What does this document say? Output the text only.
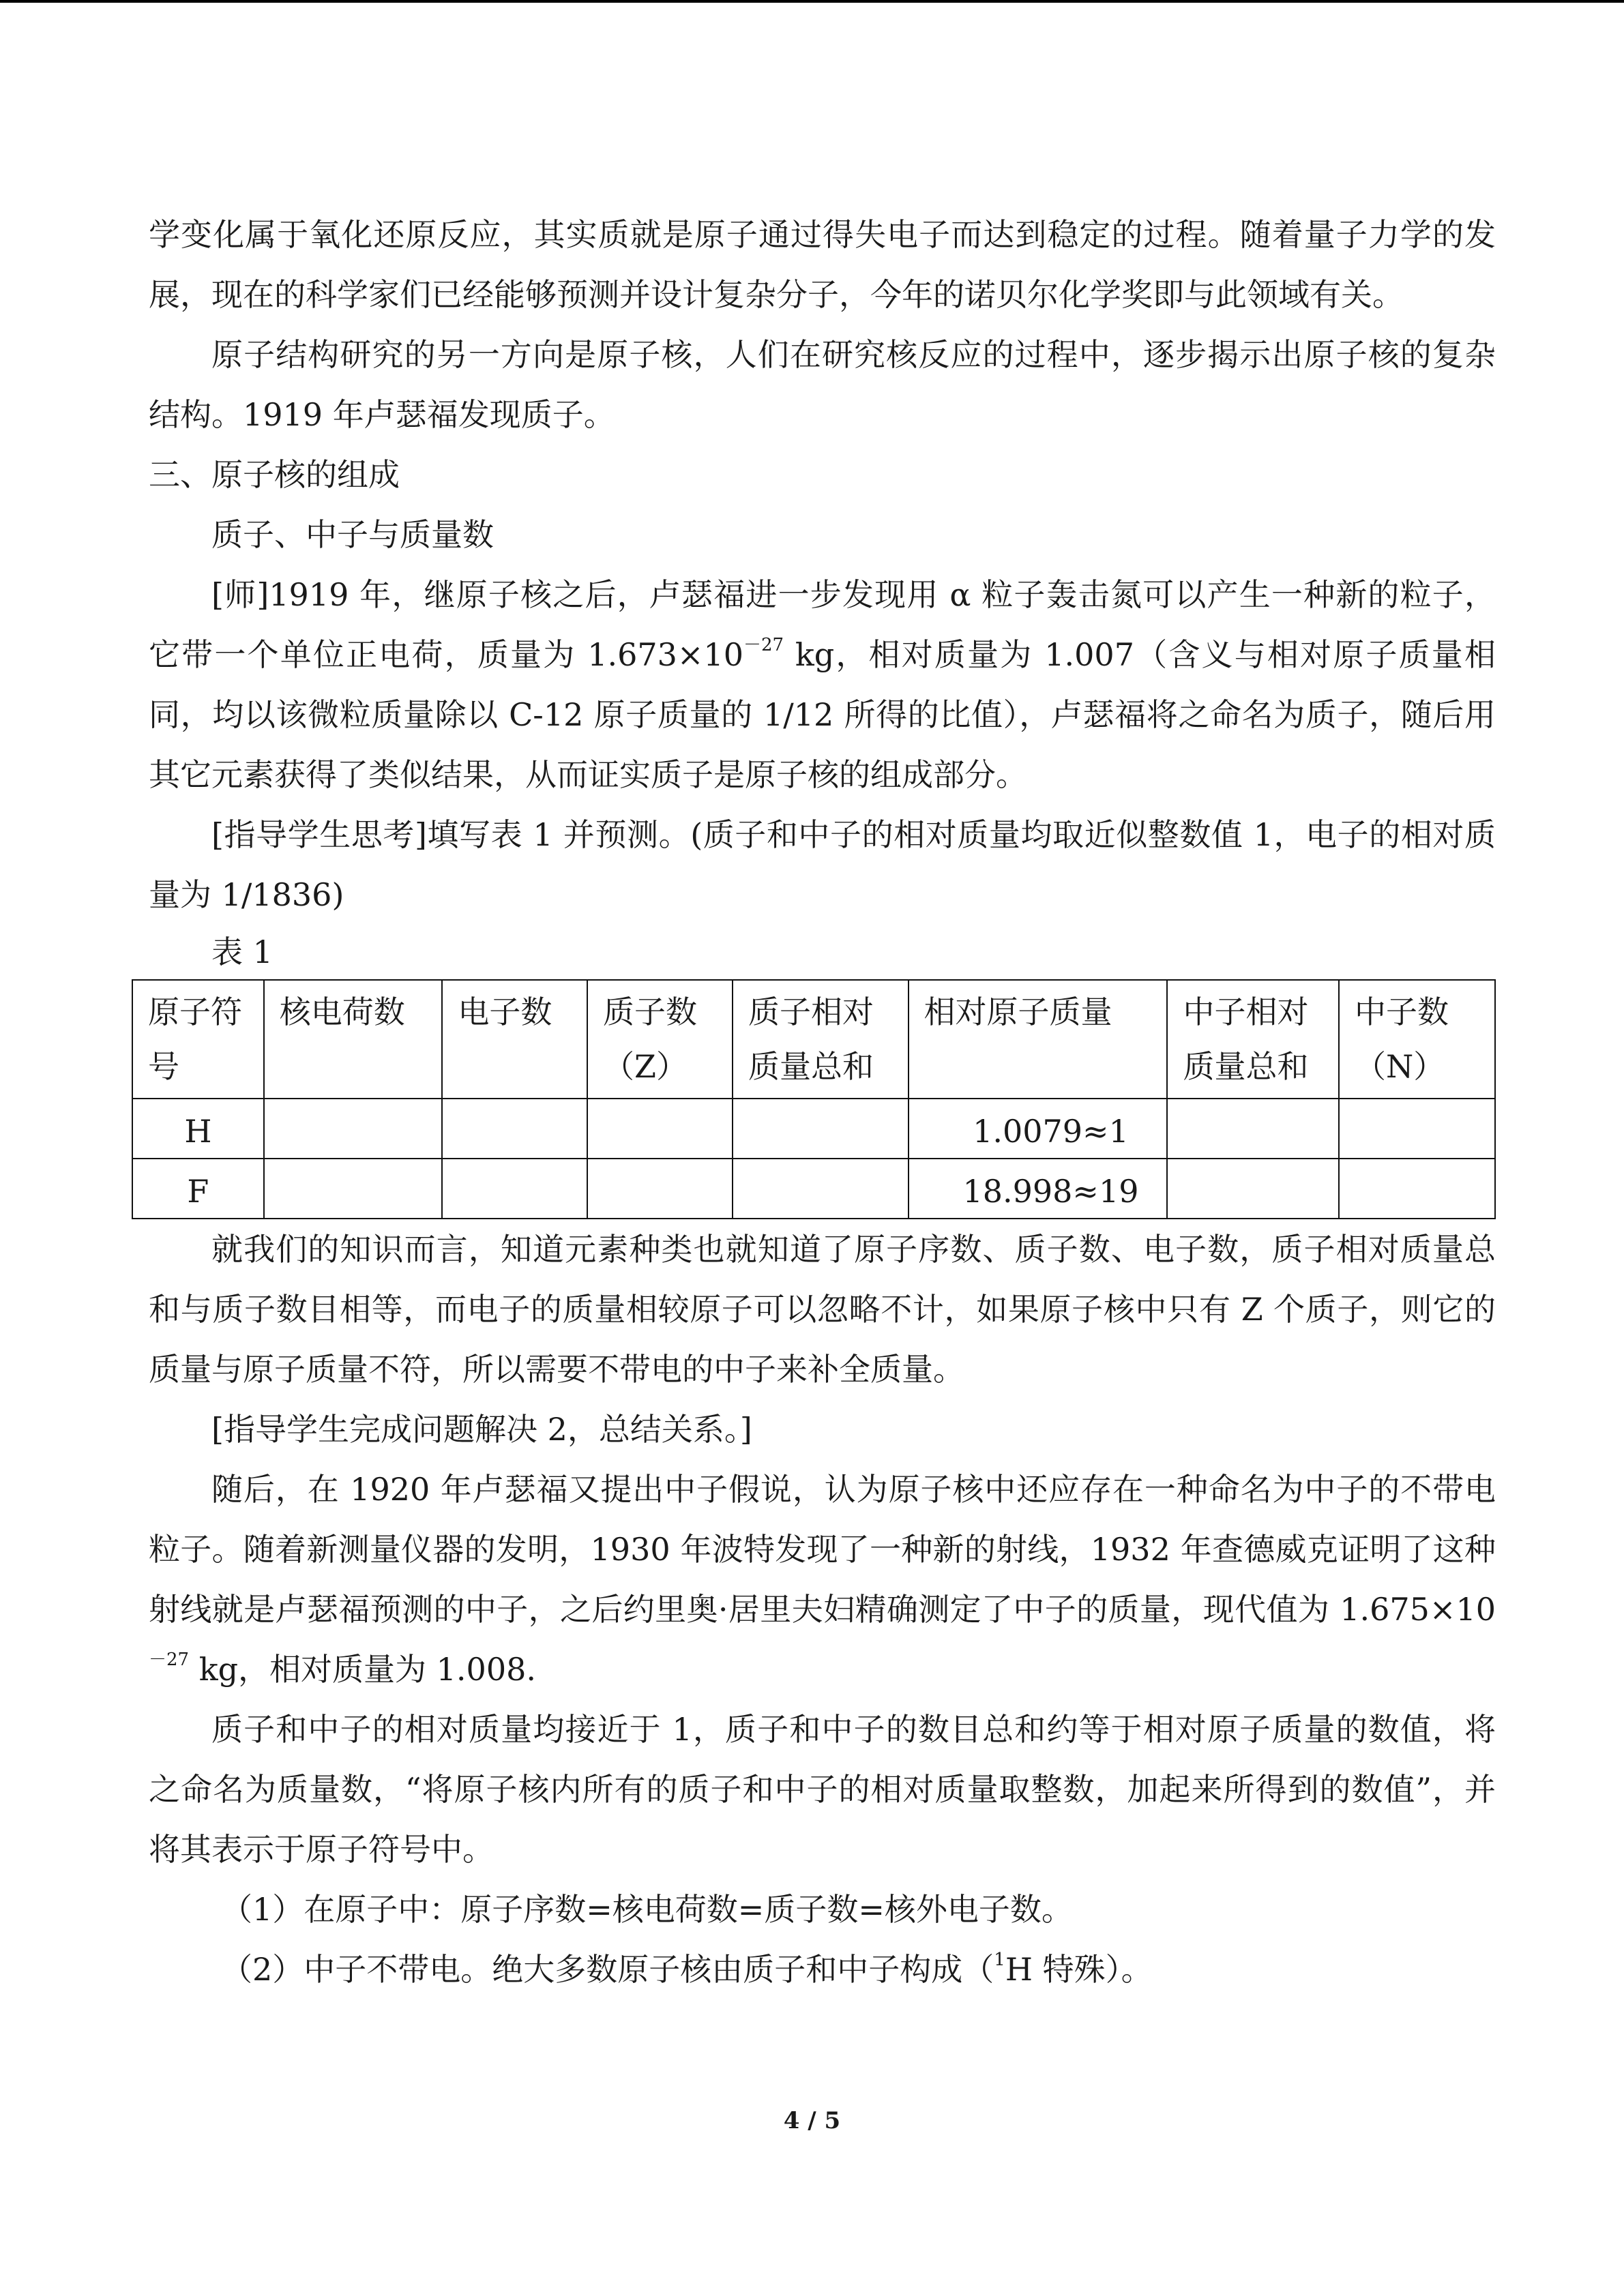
学变化属于氧化还原反应，其实质就是原子通过得失电子而达到稳定的过程。随着量子力学的发展，现在的科学家们已经能够预测并设计复杂分子，今年的诺贝尔化学奖即与此领域有关。

原子结构研究的另一方向是原子核，人们在研究核反应的过程中，逐步揭示出原子核的复杂结构。1919 年卢瑟福发现质子。

三、原子核的组成

质子、中子与质量数

[师]1919 年，继原子核之后，卢瑟福进一步发现用 α 粒子轰击氮可以产生一种新的粒子，它带一个单位正电荷，质量为 $1.673\times 10^{-27}$ kg，相对质量为 1.007（含义与相对原子质量相同，均以该微粒质量除以 C-12 原子质量的 1/12 所得的比值），卢瑟福将之命名为质子，随后用其它元素获得了类似结果，从而证实质子是原子核的组成部分。

[指导学生思考]填写表 1 并预测。(质子和中子的相对质量均取近似整数值 1，电子的相对质量为 1/1836)

表 1
原子符号	核电荷数	电子数	质子数（Z）	质子相对质量总和	相对原子质量	中子相对质量总和	中子数（N）
H					1.0079≈1		
F					18.998≈19		

就我们的知识而言，知道元素种类也就知道了原子序数、质子数、电子数，质子相对质量总和与质子数目相等，而电子的质量相较原子可以忽略不计，如果原子核中只有 Z 个质子，则它的质量与原子质量不符，所以需要不带电的中子来补全质量。

[指导学生完成问题解决 2，总结关系。]

随后，在 1920 年卢瑟福又提出中子假说，认为原子核中还应存在一种命名为中子的不带电粒子。随着新测量仪器的发明，1930 年波特发现了一种新的射线，1932 年查德威克证明了这种射线就是卢瑟福预测的中子，之后约里奥·居里夫妇精确测定了中子的质量，现代值为 $1.675\times 10^{-27}$ kg，相对质量为 1.008.

质子和中子的相对质量均接近于 1，质子和中子的数目总和约等于相对原子质量的数值，将之命名为质量数，“将原子核内所有的质子和中子的相对质量取整数，加起来所得到的数值”，并将其表示于原子符号中。

（1）在原子中：原子序数=核电荷数=质子数=核外电子数。

（2）中子不带电。绝大多数原子核由质子和中子构成（$^1$H 特殊）。

4 / 5
